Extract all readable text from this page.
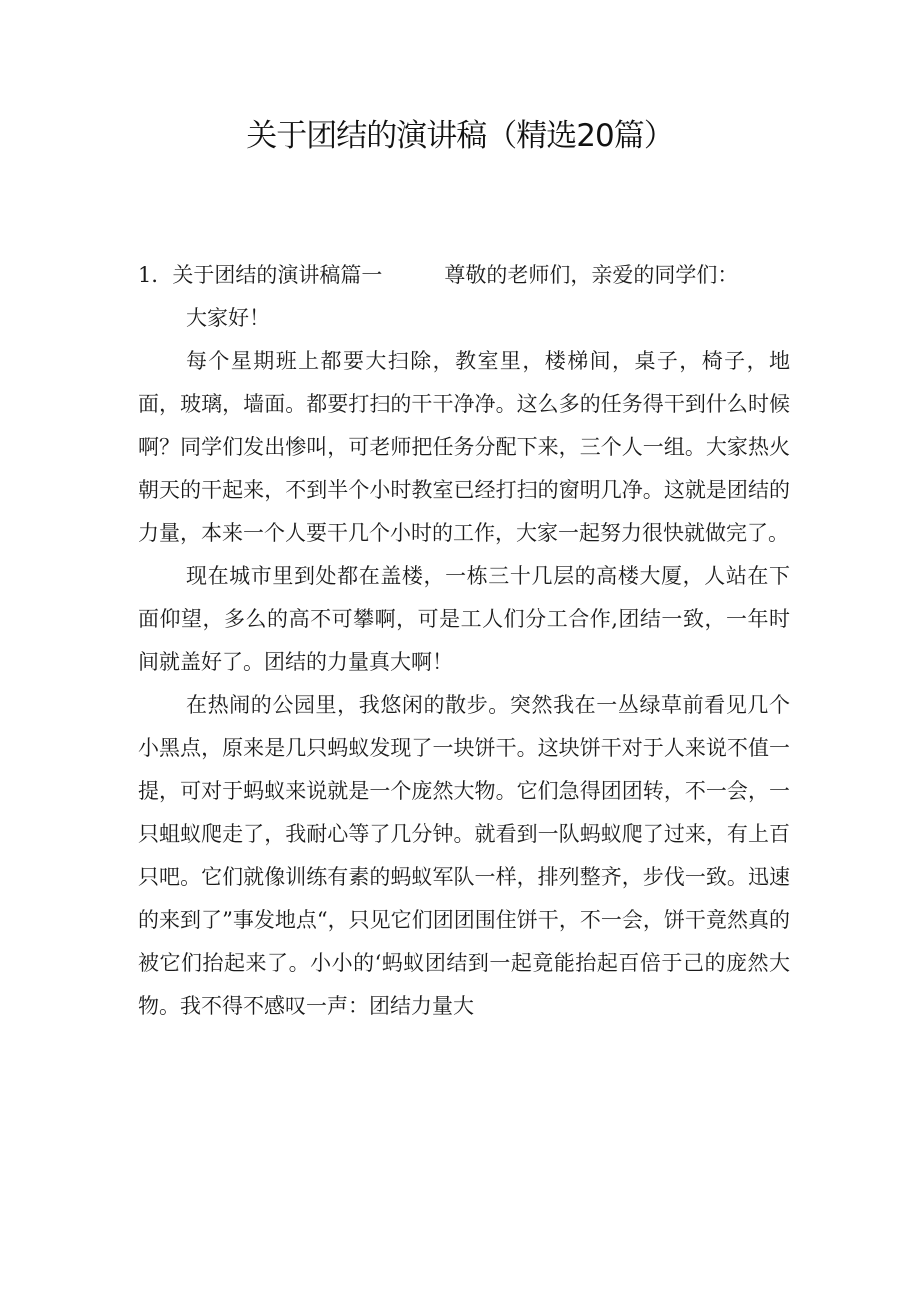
关于团结的演讲稿（精选20篇）

1．关于团结的演讲稿篇一	尊敬的老师们，亲爱的同学们：

大家好！

每个星期班上都要大扫除，教室里，楼梯间，桌子，椅子，地面，玻璃，墙面。都要打扫的干干净净。这么多的任务得干到什么时候啊？同学们发出惨叫，可老师把任务分配下来，三个人一组。大家热火朝天的干起来，不到半个小时教室已经打扫的窗明几净。这就是团结的力量，本来一个人要干几个小时的工作，大家一起努力很快就做完了。

现在城市里到处都在盖楼，一栋三十几层的高楼大厦，人站在下面仰望，多么的高不可攀啊，可是工人们分工合作,团结一致，一年时间就盖好了。团结的力量真大啊！

在热闹的公园里，我悠闲的散步。突然我在一丛绿草前看见几个小黑点，原来是几只蚂蚁发现了一块饼干。这块饼干对于人来说不值一提，可对于蚂蚁来说就是一个庞然大物。它们急得团团转，不一会，一只蛆蚁爬走了，我耐心等了几分钟。就看到一队蚂蚁爬了过来，有上百只吧。它们就像训练有素的蚂蚁军队一样，排列整齐，步伐一致。迅速的来到了”事发地点“，只见它们团团围住饼干，不一会，饼干竟然真的被它们抬起来了。小小的‘蚂蚁团结到一起竟能抬起百倍于己的庞然大物。我不得不感叹一声：团结力量大
